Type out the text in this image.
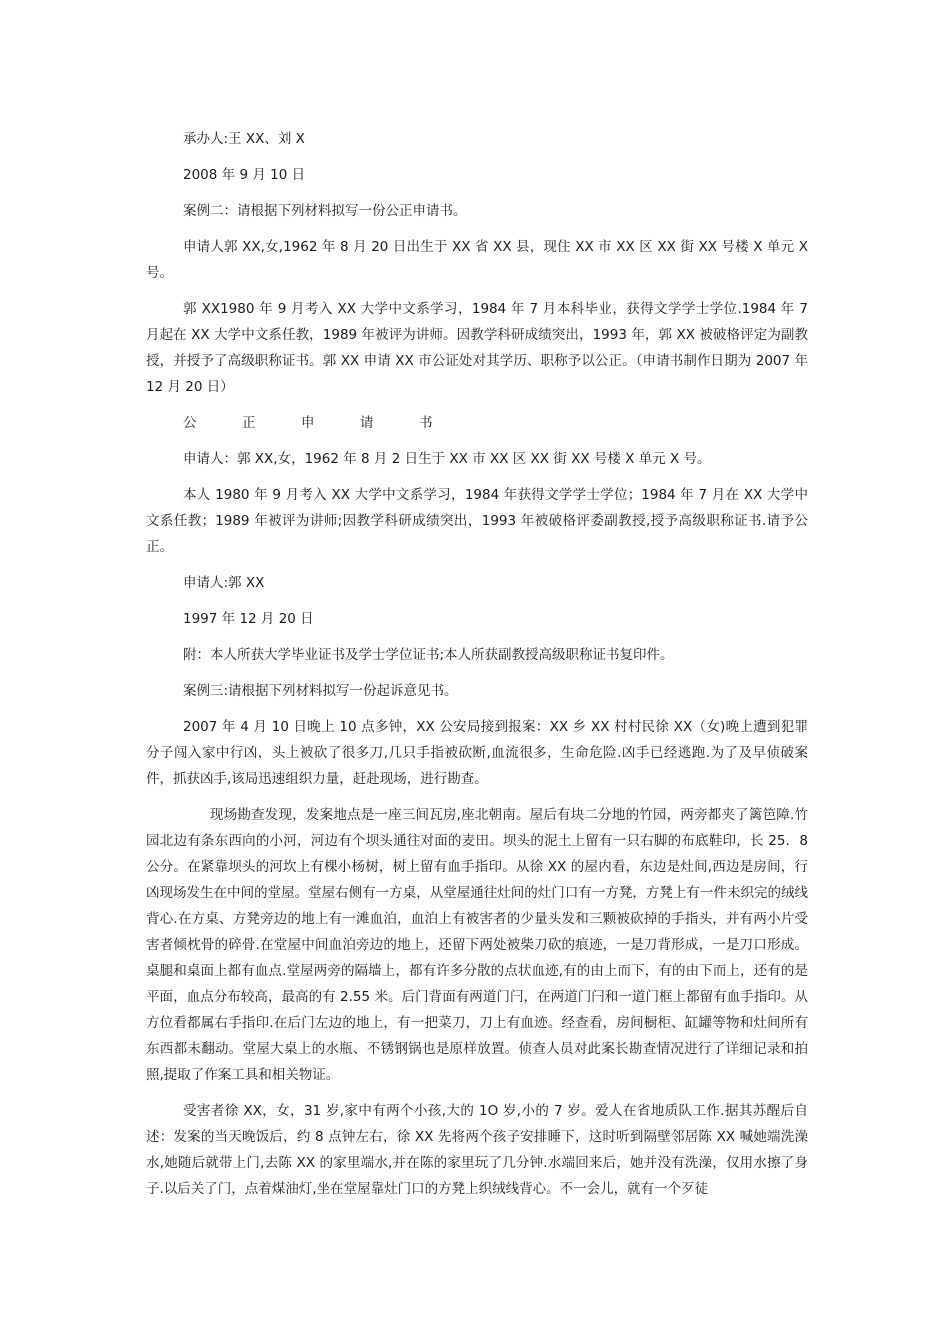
承办人:王 XX、刘 X

2008 年 9 月 10 日

案例二：请根据下列材料拟写一份公正申请书。

申请人郭 XX,女,1962 年 8 月 20 日出生于 XX 省 XX 县，现住 XX 市 XX 区 XX 街 XX 号楼 X 单元 X 号。

郭 XX1980 年 9 月考入 XX 大学中文系学习，1984 年 7 月本科毕业，获得文学学士学位.1984 年 7 月起在 XX 大学中文系任教，1989 年被评为讲师。因教学科研成绩突出，1993 年，郭 XX 被破格评定为副教授，并授予了高级职称证书。郭 XX 申请 XX 市公证处对其学历、职称予以公正。（申请书制作日期为 2007 年 12 月 20 日）

公	正	申	请	书

申请人：郭 XX,女，1962 年 8 月 2 日生于 XX 市 XX 区 XX 街 XX 号楼 X 单元 X 号。

本人 1980 年 9 月考入 XX 大学中文系学习，1984 年获得文学学士学位；1984 年 7 月在 XX 大学中文系任教；1989 年被评为讲师;因教学科研成绩突出，1993 年被破格评委副教授,授予高级职称证书.请予公正。

申请人:郭 XX

1997 年 12 月 20 日

附：本人所获大学毕业证书及学士学位证书;本人所获副教授高级职称证书复印件。

案例三:请根据下列材料拟写一份起诉意见书。

2007 年 4 月 10 日晚上 10 点多钟，XX 公安局接到报案：XX 乡 XX 村村民徐 XX（女)晚上遭到犯罪分子闯入家中行凶，头上被砍了很多刀,几只手指被砍断,血流很多，生命危险.凶手已经逃跑.为了及早侦破案件，抓获凶手,该局迅速组织力量，赶赴现场，进行勘查。

现场勘查发现，发案地点是一座三间瓦房,座北朝南。屋后有块二分地的竹园，两旁都夹了篱笆障.竹园北边有条东西向的小河，河边有个坝头通往对面的麦田。坝头的泥土上留有一只右脚的布底鞋印，长 25．8 公分。在紧靠坝头的河坎上有棵小杨树，树上留有血手指印。从徐 XX 的屋内看，东边是灶间,西边是房间，行凶现场发生在中间的堂屋。堂屋右侧有一方桌，从堂屋通往灶间的灶门口有一方凳，方凳上有一件未织完的绒线背心.在方桌、方凳旁边的地上有一滩血泊，血泊上有被害者的少量头发和三颗被砍掉的手指头，并有两小片受害者倾枕骨的碎骨.在堂屋中间血泊旁边的地上，还留下两处被柴刀砍的痕迹，一是刀背形成，一是刀口形成。桌腿和桌面上都有血点.堂屋两旁的隔墙上，都有许多分散的点状血迹,有的由上而下，有的由下而上，还有的是平面，血点分布较高，最高的有 2.55 米。后门背面有两道门闩，在两道门闩和一道门框上都留有血手指印。从方位看都属右手指印.在后门左边的地上，有一把菜刀，刀上有血迹。经查看，房间橱柜、缸罐等物和灶间所有东西都未翻动。堂屋大桌上的水瓶、不锈钢锅也是原样放置。侦查人员对此案长勘查情况进行了详细记录和拍照,提取了作案工具和相关物证。

受害者徐 XX，女，31 岁,家中有两个小孩,大的 1O 岁,小的 7 岁。爱人在省地质队工作.据其苏醒后自述：发案的当天晚饭后，约 8 点钟左右，徐 XX 先将两个孩子安排睡下，这时听到隔壁邻居陈 XX 喊她端洗澡水,她随后就带上门,去陈 XX 的家里端水,并在陈的家里玩了几分钟.水端回来后，她并没有洗澡，仅用水擦了身子.以后关了门，点着煤油灯,坐在堂屋靠灶门口的方凳上织绒线背心。不一会儿，就有一个歹徒
